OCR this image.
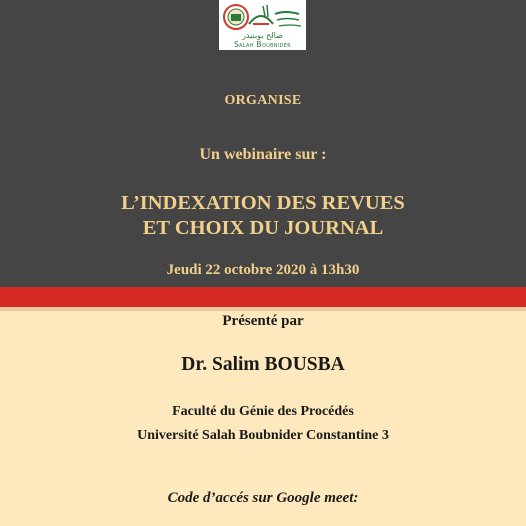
صالح بوبنيدر
Salah Boubnider
ORGANISE
Un webinaire sur :
L’INDEXATION DES REVUES
ET CHOIX DU JOURNAL
Jeudi 22 octobre 2020 à 13h30
Présenté par
Dr. Salim BOUSBA
Faculté du Génie des Procédés
Université Salah Boubnider Constantine 3
Code d’accés sur Google meet:
